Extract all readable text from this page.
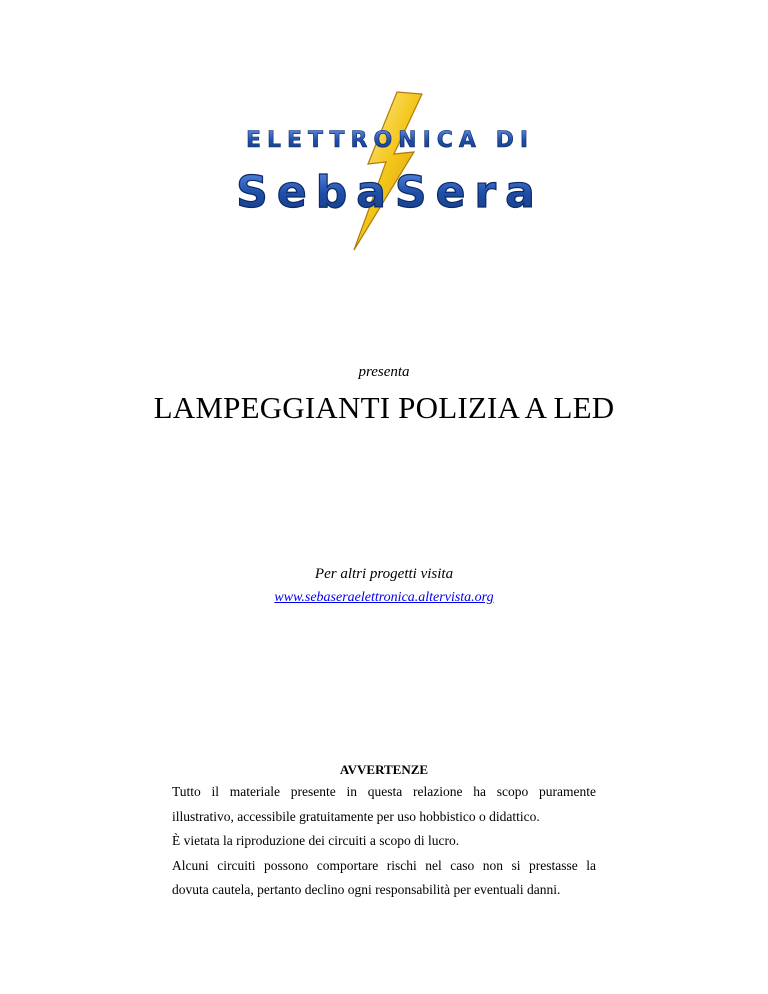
ELETTRONICA DI
SebaSera
presenta
LAMPEGGIANTI POLIZIA A LED
Per altri progetti visita
www.sebaseraelettronica.altervista.org
AVVERTENZE

Tutto il materiale presente in questa relazione ha scopo puramente

illustrativo, accessibile gratuitamente per uso hobbistico o didattico.

È vietata la riproduzione dei circuiti a scopo di lucro.

Alcuni circuiti possono comportare rischi nel caso non si prestasse la

dovuta cautela, pertanto declino ogni responsabilità per eventuali danni.
